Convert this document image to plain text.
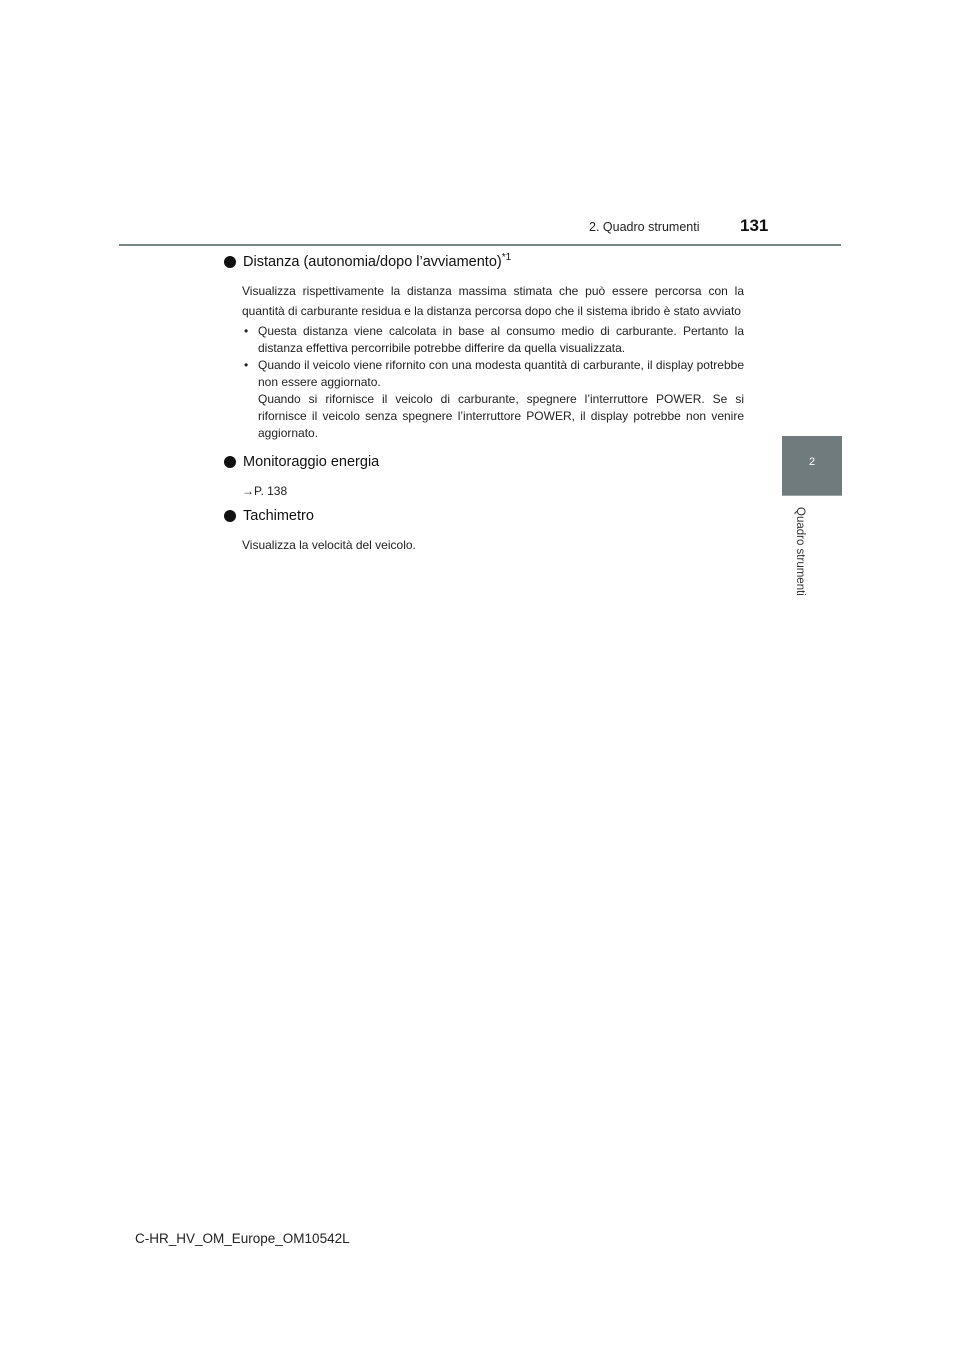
2. Quadro strumenti 131
2
Quadro strumenti
Distanza (autonomia/dopo l’avviamento)$^{*1}$

Visualizza rispettivamente la distanza massima stimata che può essere percorsa con la quantità di carburante residua e la distanza percorsa dopo che il sistema ibrido è stato avviato

• Questa distanza viene calcolata in base al consumo medio di carburante. Pertanto la distanza effettiva percorribile potrebbe differire da quella visualizzata.
• Quando il veicolo viene rifornito con una modesta quantità di carburante, il display potrebbe non essere aggiornato.
Quando si rifornisce il veicolo di carburante, spegnere l’interruttore POWER. Se si rifornisce il veicolo senza spegnere l’interruttore POWER, il display potrebbe non venire aggiornato.
Monitoraggio energia

→P. 138

Tachimetro

Visualizza la velocità del veicolo.

C-HR_HV_OM_Europe_OM10542L
